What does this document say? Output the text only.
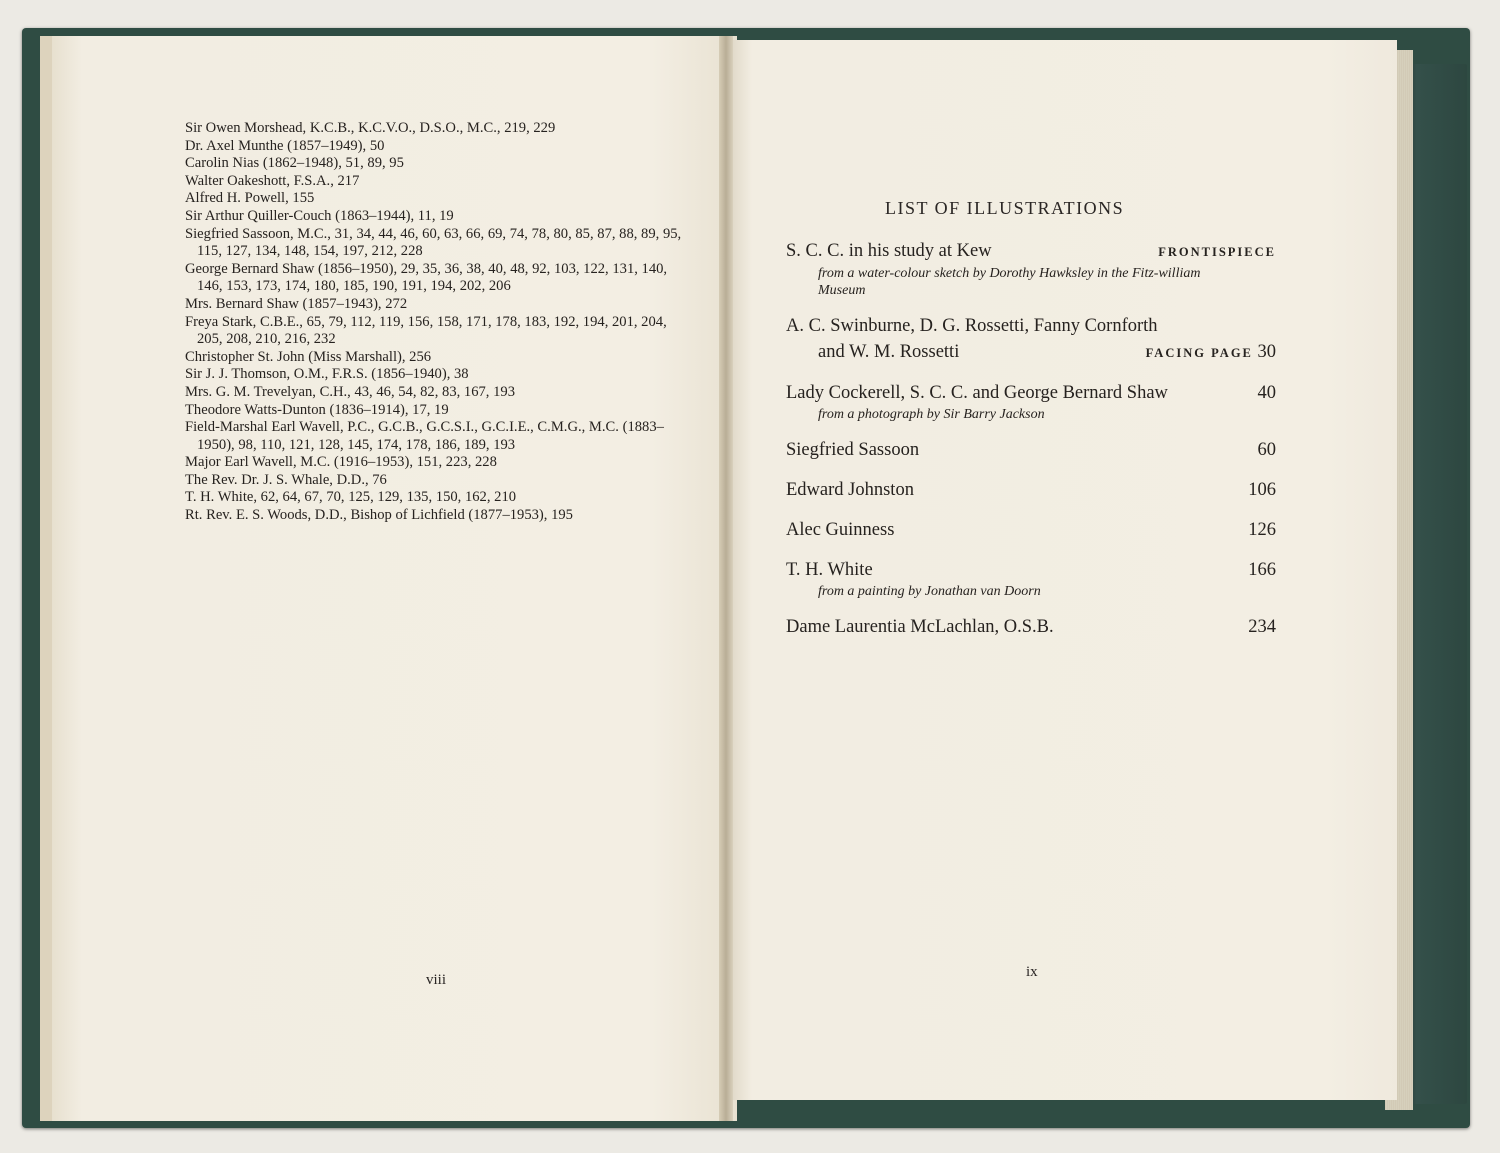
Sir Owen Morshead, K.C.B., K.C.V.O., D.S.O., M.C., 219, 229
Dr. Axel Munthe (1857–1949), 50
Carolin Nias (1862–1948), 51, 89, 95
Walter Oakeshott, F.S.A., 217
Alfred H. Powell, 155
Sir Arthur Quiller-Couch (1863–1944), 11, 19
Siegfried Sassoon, M.C., 31, 34, 44, 46, 60, 63, 66, 69, 74, 78, 80, 85, 87, 88, 89, 95, 115, 127, 134, 148, 154, 197, 212, 228
George Bernard Shaw (1856–1950), 29, 35, 36, 38, 40, 48, 92, 103, 122, 131, 140, 146, 153, 173, 174, 180, 185, 190, 191, 194, 202, 206
Mrs. Bernard Shaw (1857–1943), 272
Freya Stark, C.B.E., 65, 79, 112, 119, 156, 158, 171, 178, 183, 192, 194, 201, 204, 205, 208, 210, 216, 232
Christopher St. John (Miss Marshall), 256
Sir J. J. Thomson, O.M., F.R.S. (1856–1940), 38
Mrs. G. M. Trevelyan, C.H., 43, 46, 54, 82, 83, 167, 193
Theodore Watts-Dunton (1836–1914), 17, 19
Field-Marshal Earl Wavell, P.C., G.C.B., G.C.S.I., G.C.I.E., C.M.G., M.C. (1883–1950), 98, 110, 121, 128, 145, 174, 178, 186, 189, 193
Major Earl Wavell, M.C. (1916–1953), 151, 223, 228
The Rev. Dr. J. S. Whale, D.D., 76
T. H. White, 62, 64, 67, 70, 125, 129, 135, 150, 162, 210
Rt. Rev. E. S. Woods, D.D., Bishop of Lichfield (1877–1953), 195
viii
LIST OF ILLUSTRATIONS
S. C. C. in his study at Kew	FRONTISPIECE
from a water-colour sketch by Dorothy Hawksley in the Fitz-william Museum
A. C. Swinburne, D. G. Rossetti, Fanny Cornforth
and W. M. Rossetti	FACING PAGE 30
Lady Cockerell, S. C. C. and George Bernard Shaw	40
from a photograph by Sir Barry Jackson
Siegfried Sassoon	60
Edward Johnston	106
Alec Guinness	126
T. H. White	166
from a painting by Jonathan van Doorn
Dame Laurentia McLachlan, O.S.B.	234
ix
